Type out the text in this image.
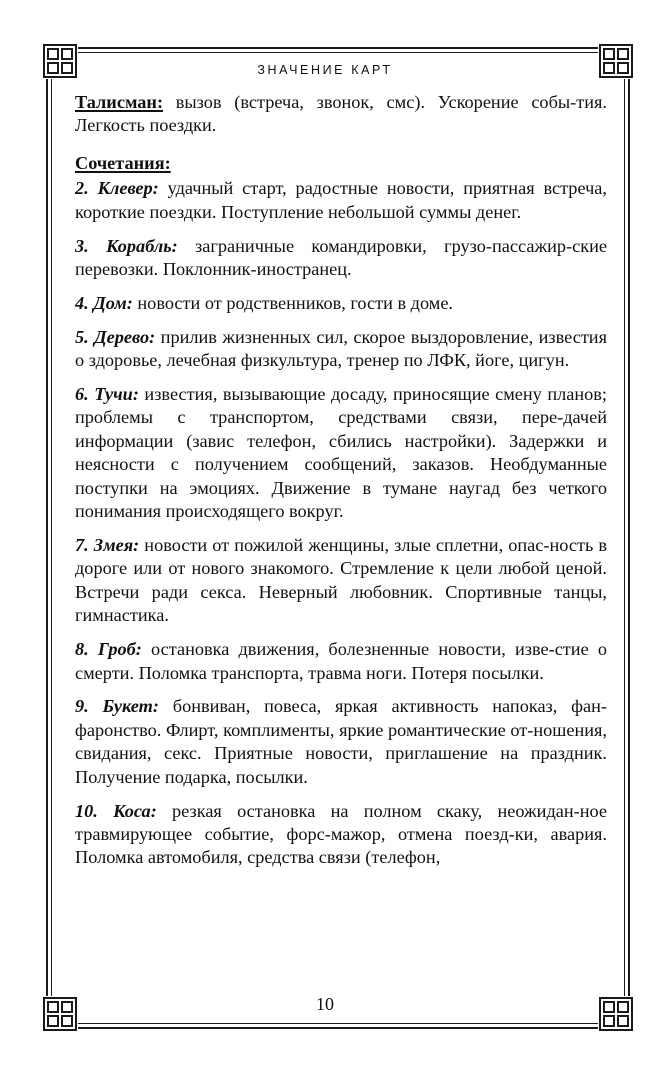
ЗНАЧЕНИЕ КАРТ

Талисман: вызов (встреча, звонок, смс). Ускорение собы-тия. Легкость поездки.

Сочетания:

2. Клевер: удачный старт, радостные новости, приятная встреча, короткие поездки. Поступление небольшой суммы денег.

3. Корабль: заграничные командировки, грузо-пассажир-ские перевозки. Поклонник-иностранец.

4. Дом: новости от родственников, гости в доме.

5. Дерево: прилив жизненных сил, скорое выздоровление, известия о здоровье, лечебная физкультура, тренер по ЛФК, йоге, цигун.

6. Тучи: известия, вызывающие досаду, приносящие смену планов; проблемы с транспортом, средствами связи, пере-дачей информации (завис телефон, сбились настройки). Задержки и неясности с получением сообщений, заказов. Необдуманные поступки на эмоциях. Движение в тумане наугад без четкого понимания происходящего вокруг.

7. Змея: новости от пожилой женщины, злые сплетни, опас-ность в дороге или от нового знакомого. Стремление к цели любой ценой. Встречи ради секса. Неверный любовник. Спортивные танцы, гимнастика.

8. Гроб: остановка движения, болезненные новости, изве-стие о смерти. Поломка транспорта, травма ноги. Потеря посылки.

9. Букет: бонвиван, повеса, яркая активность напоказ, фан-фаронство. Флирт, комплименты, яркие романтические от-ношения, свидания, секс. Приятные новости, приглашение на праздник. Получение подарка, посылки.

10. Коса: резкая остановка на полном скаку, неожидан-ное травмирующее событие, форс-мажор, отмена поезд-ки, авария. Поломка автомобиля, средства связи (телефон,

10
